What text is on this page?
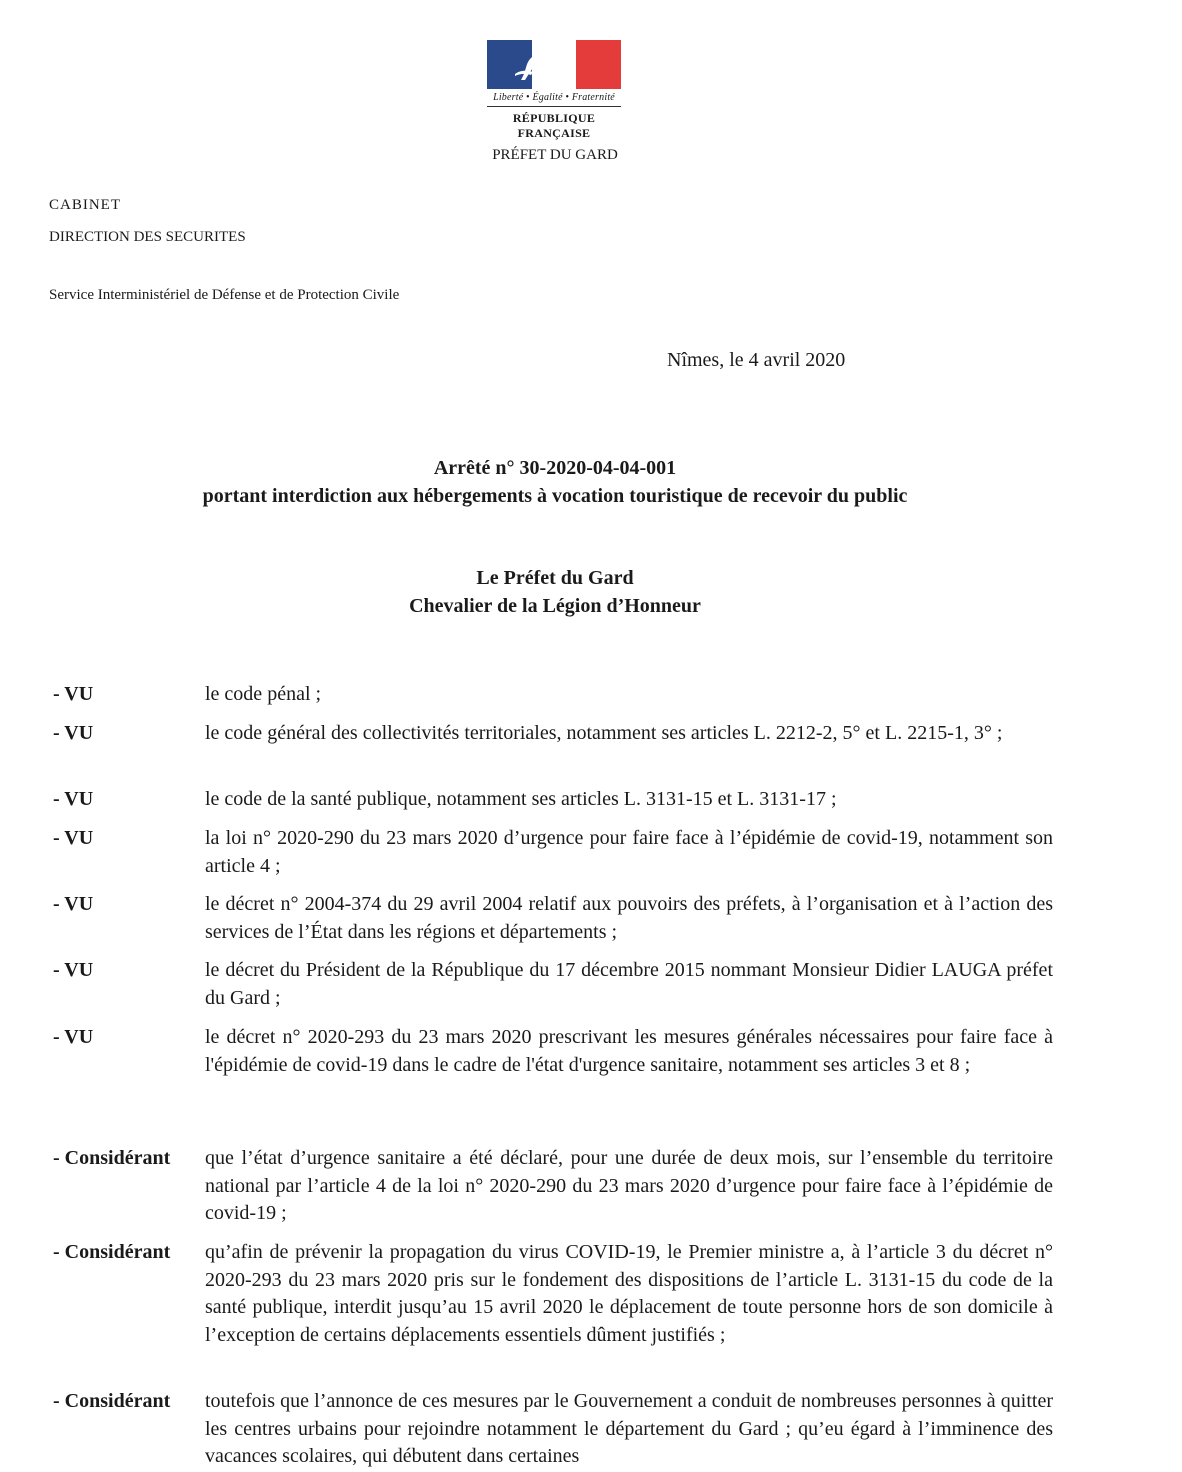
Liberté • Égalité • Fraternité
RÉPUBLIQUE FRANÇAISE
PRÉFET DU GARD
CABINET
DIRECTION DES SECURITES
Service Interministériel de Défense et de Protection Civile
Nîmes, le 4 avril 2020
Arrêté n° 30-2020-04-04-001
portant interdiction aux hébergements à vocation touristique de recevoir du public
Le Préfet du Gard
Chevalier de la Légion d’Honneur
- VU	le code pénal ;
- VU	le code général des collectivités territoriales, notamment ses articles L. 2212-2, 5° et L. 2215-1, 3° ;
- VU	le code de la santé publique, notamment ses articles L. 3131-15 et L. 3131-17 ;
- VU	la loi n° 2020-290 du 23 mars 2020 d’urgence pour faire face à l’épidémie de covid-19, notamment son article 4 ;
- VU	le décret n° 2004-374 du 29 avril 2004 relatif aux pouvoirs des préfets, à l’organisation et à l’action des services de l’État dans les régions et départements ;
- VU	le décret du Président de la République du 17 décembre 2015 nommant Monsieur Didier LAUGA préfet du Gard ;
- VU	le décret n° 2020-293 du 23 mars 2020 prescrivant les mesures générales nécessaires pour faire face à l'épidémie de covid-19 dans le cadre de l'état d'urgence sanitaire, notamment ses articles 3 et 8 ;
- Considérant que l’état d’urgence sanitaire a été déclaré, pour une durée de deux mois, sur l’ensemble du territoire national par l’article 4 de la loi n° 2020-290 du 23 mars 2020 d’urgence pour faire face à l’épidémie de covid-19 ;
- Considérant qu’afin de prévenir la propagation du virus COVID-19, le Premier ministre a, à l’article 3 du décret n° 2020-293 du 23 mars 2020 pris sur le fondement des dispositions de l’article L. 3131-15 du code de la santé publique, interdit jusqu’au 15 avril 2020 le déplacement de toute personne hors de son domicile à l’exception de certains déplacements essentiels dûment justifiés ;
- Considérant toutefois que l’annonce de ces mesures par le Gouvernement a conduit de nombreuses personnes à quitter les centres urbains pour rejoindre notamment le département du Gard ; qu’eu égard à l’imminence des vacances scolaires, qui débutent dans certaines
